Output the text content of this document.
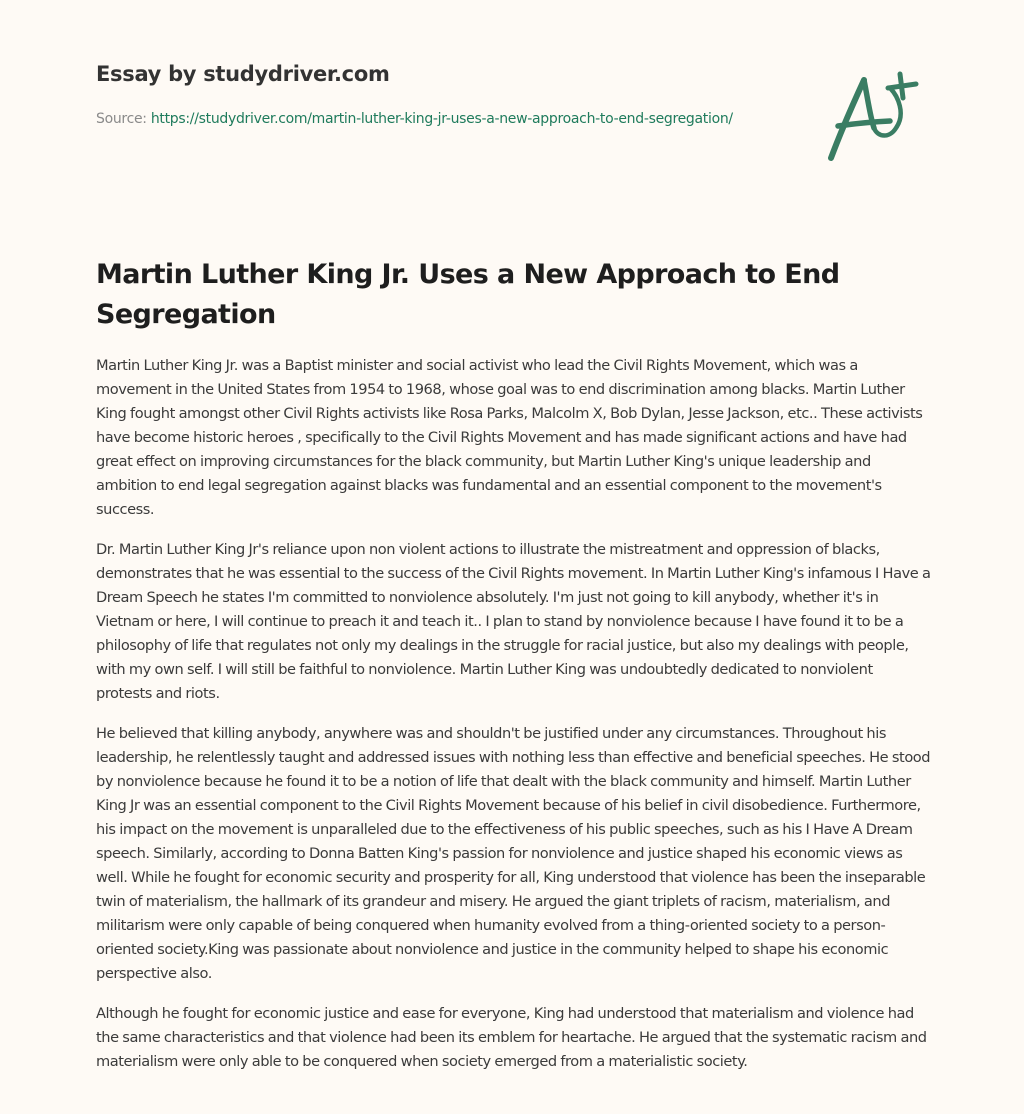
Essay by studydriver.com
Source: https://studydriver.com/martin-luther-king-jr-uses-a-new-approach-to-end-segregation/
Martin Luther King Jr. Uses a New Approach to End Segregation

Martin Luther King Jr. was a Baptist minister and social activist who lead the Civil Rights Movement, which was a movement in the United States from 1954 to 1968, whose goal was to end discrimination among blacks. Martin Luther King fought amongst other Civil Rights activists like Rosa Parks, Malcolm X, Bob Dylan, Jesse Jackson, etc.. These activists have become historic heroes , specifically to the Civil Rights Movement and has made significant actions and have had great effect on improving circumstances for the black community, but Martin Luther King's unique leadership and ambition to end legal segregation against blacks was fundamental and an essential component to the movement's success.

Dr. Martin Luther King Jr's reliance upon non violent actions to illustrate the mistreatment and oppression of blacks, demonstrates that he was essential to the success of the Civil Rights movement. In Martin Luther King's infamous I Have a Dream Speech he states I'm committed to nonviolence absolutely. I'm just not going to kill anybody, whether it's in Vietnam or here, I will continue to preach it and teach it.. I plan to stand by nonviolence because I have found it to be a philosophy of life that regulates not only my dealings in the struggle for racial justice, but also my dealings with people, with my own self. I will still be faithful to nonviolence. Martin Luther King was undoubtedly dedicated to nonviolent protests and riots.

He believed that killing anybody, anywhere was and shouldn't be justified under any circumstances. Throughout his leadership, he relentlessly taught and addressed issues with nothing less than effective and beneficial speeches. He stood by nonviolence because he found it to be a notion of life that dealt with the black community and himself. Martin Luther King Jr was an essential component to the Civil Rights Movement because of his belief in civil disobedience. Furthermore, his impact on the movement is unparalleled due to the effectiveness of his public speeches, such as his I Have A Dream speech. Similarly, according to Donna Batten King's passion for nonviolence and justice shaped his economic views as well. While he fought for economic security and prosperity for all, King understood that violence has been the inseparable twin of materialism, the hallmark of its grandeur and misery. He argued the giant triplets of racism, materialism, and militarism were only capable of being conquered when humanity evolved from a thing-oriented society to a person-oriented society.King was passionate about nonviolence and justice in the community helped to shape his economic perspective also.

Although he fought for economic justice and ease for everyone, King had understood that materialism and violence had the same characteristics and that violence had been its emblem for heartache. He argued that the systematic racism and materialism were only able to be conquered when society emerged from a materialistic society.
